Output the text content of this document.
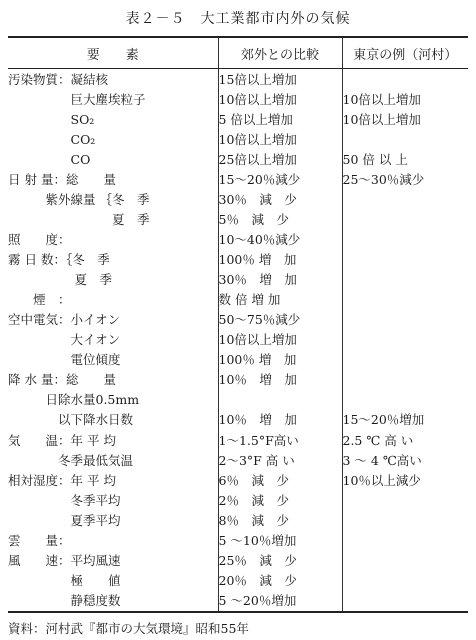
表２－５　大工業都市内外の気候
要　　素	郊外との比較	東京の例（河村）
汚染物質：凝結核	15倍以上増加	
　　　　　巨大塵埃粒子	10倍以上増加	10倍以上増加
　　　　　SO₂	5 倍以上増加	10倍以上増加
　　　　　CO₂	10倍以上増加	
　　　　　CO	25倍以上増加	50 倍 以 上
日 射 量：総　　量	15～20％減少	25～30％減少
　　　紫外線量 ｛冬　季	30％　減　少	
　　　　　　　　 夏　季	5％　減　少	
照　　度：	10～40％減少	
霧 日 数：｛冬　季	100％ 増　加	
　　　　　 夏　季	30％　増　加	
　　煙　：	数 倍 増 加	
空中電気：小イオン	50～75％減少	
　　　　　大イオン	10倍以上増加	
　　　　　電位傾度	100％ 増　加	
降 水 量：総　　量	10％　増　加	
　　　日除水量0.5mm		
　　　　以下降水日数	10％　増　加	15～20％増加
気　　温：年 平 均	1～1.5°F高い	2.5 ℃ 高 い
　　　　冬季最低気温	2～3°F 高 い	3 ～ 4 ℃高い
相対湿度：年 平 均	6％　減　少	10％以上減少
　　　　　冬季平均	2％　減　少	
　　　　　夏季平均	8％　減　少	
雲　　量：	5 ～10％増加	
風　　速：平均風速	25％　減　少	
　　　　　極　　値	20％　減　少	
　　　　　静穏度数	5 ～20％増加	
資料：河村武『都市の大気環境』昭和55年
